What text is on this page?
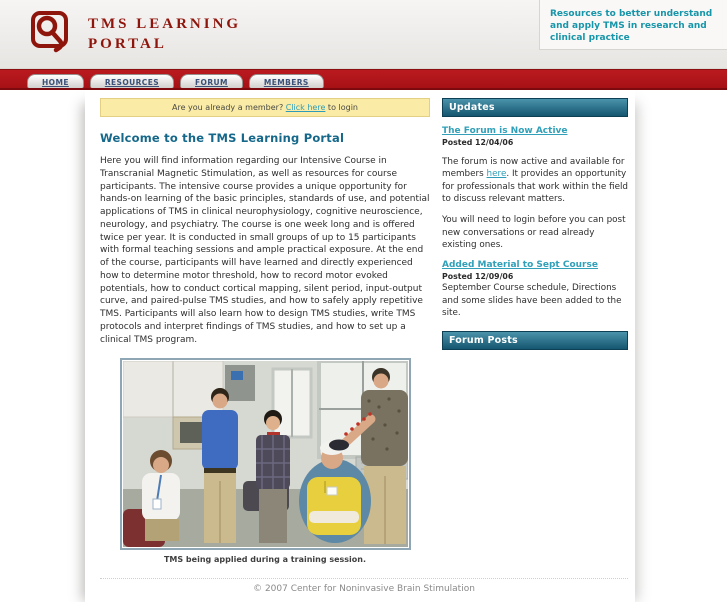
TMS LEARNING
PORTAL
Resources to better understand and apply TMS in research and clinical practice
HOME	RESOURCES	FORUM	MEMBERS
Are you already a member? Click here to login
Welcome to the TMS Learning Portal

Here you will find information regarding our Intensive Course in Transcranial Magnetic Stimulation, as well as resources for course participants. The intensive course provides a unique opportunity for hands-on learning of the basic principles, standards of use, and potential applications of TMS in clinical neurophysiology, cognitive neuroscience, neurology, and psychiatry. The course is one week long and is offered twice per year. It is conducted in small groups of up to 15 participants with formal teaching sessions and ample practical exposure. At the end of the course, participants will have learned and directly experienced how to determine motor threshold, how to record motor evoked potentials, how to conduct cortical mapping, silent period, input-output curve, and paired-pulse TMS studies, and how to safely apply repetitive TMS. Participants will also learn how to design TMS studies, write TMS protocols and interpret findings of TMS studies, and how to set up a clinical TMS program.

TMS being applied during a training session.
Updates
The Forum is Now Active
Posted 12/04/06

The forum is now active and available for members here. It provides an opportunity for professionals that work within the field to discuss relevant matters.

You will need to login before you can post new conversations or read already existing ones.

Added Material to Sept Course
Posted 12/09/06

September Course schedule, Directions and some slides have been added to the site.

Forum Posts
© 2007 Center for Noninvasive Brain Stimulation
